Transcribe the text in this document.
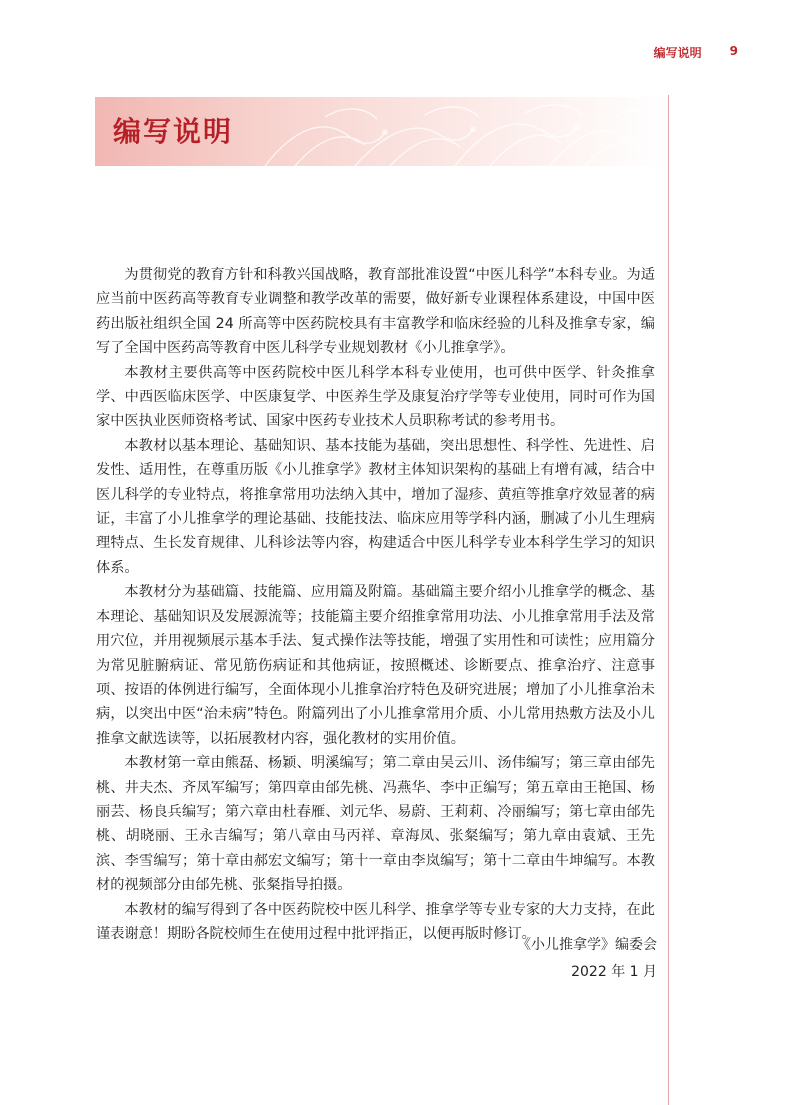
编写说明 9
编写说明

为贯彻党的教育方针和科教兴国战略，教育部批准设置“中医儿科学”本科专业。为适应当前中医药高等教育专业调整和教学改革的需要，做好新专业课程体系建设，中国中医药出版社组织全国 24 所高等中医药院校具有丰富教学和临床经验的儿科及推拿专家，编写了全国中医药高等教育中医儿科学专业规划教材《小儿推拿学》。

本教材主要供高等中医药院校中医儿科学本科专业使用，也可供中医学、针灸推拿学、中西医临床医学、中医康复学、中医养生学及康复治疗学等专业使用，同时可作为国家中医执业医师资格考试、国家中医药专业技术人员职称考试的参考用书。

本教材以基本理论、基础知识、基本技能为基础，突出思想性、科学性、先进性、启发性、适用性，在尊重历版《小儿推拿学》教材主体知识架构的基础上有增有减，结合中医儿科学的专业特点，将推拿常用功法纳入其中，增加了湿疹、黄疸等推拿疗效显著的病证，丰富了小儿推拿学的理论基础、技能技法、临床应用等学科内涵，删减了小儿生理病理特点、生长发育规律、儿科诊法等内容，构建适合中医儿科学专业本科学生学习的知识体系。

本教材分为基础篇、技能篇、应用篇及附篇。基础篇主要介绍小儿推拿学的概念、基本理论、基础知识及发展源流等；技能篇主要介绍推拿常用功法、小儿推拿常用手法及常用穴位，并用视频展示基本手法、复式操作法等技能，增强了实用性和可读性；应用篇分为常见脏腑病证、常见筋伤病证和其他病证，按照概述、诊断要点、推拿治疗、注意事项、按语的体例进行编写，全面体现小儿推拿治疗特色及研究进展；增加了小儿推拿治未病，以突出中医“治未病”特色。附篇列出了小儿推拿常用介质、小儿常用热敷方法及小儿推拿文献选读等，以拓展教材内容，强化教材的实用价值。

本教材第一章由熊磊、杨颖、明溪编写；第二章由吴云川、汤伟编写；第三章由邰先桃、井夫杰、齐凤军编写；第四章由邰先桃、冯燕华、李中正编写；第五章由王艳国、杨丽芸、杨良兵编写；第六章由杜春雁、刘元华、易蔚、王莉莉、冷丽编写；第七章由邰先桃、胡晓丽、王永吉编写；第八章由马丙祥、章海凤、张粲编写；第九章由袁斌、王先滨、李雪编写；第十章由郝宏文编写；第十一章由李岚编写；第十二章由牛坤编写。本教材的视频部分由邰先桃、张粲指导拍摄。

本教材的编写得到了各中医药院校中医儿科学、推拿学等专业专家的大力支持，在此谨表谢意！期盼各院校师生在使用过程中批评指正，以便再版时修订。

《小儿推拿学》编委会
2022 年 1 月
